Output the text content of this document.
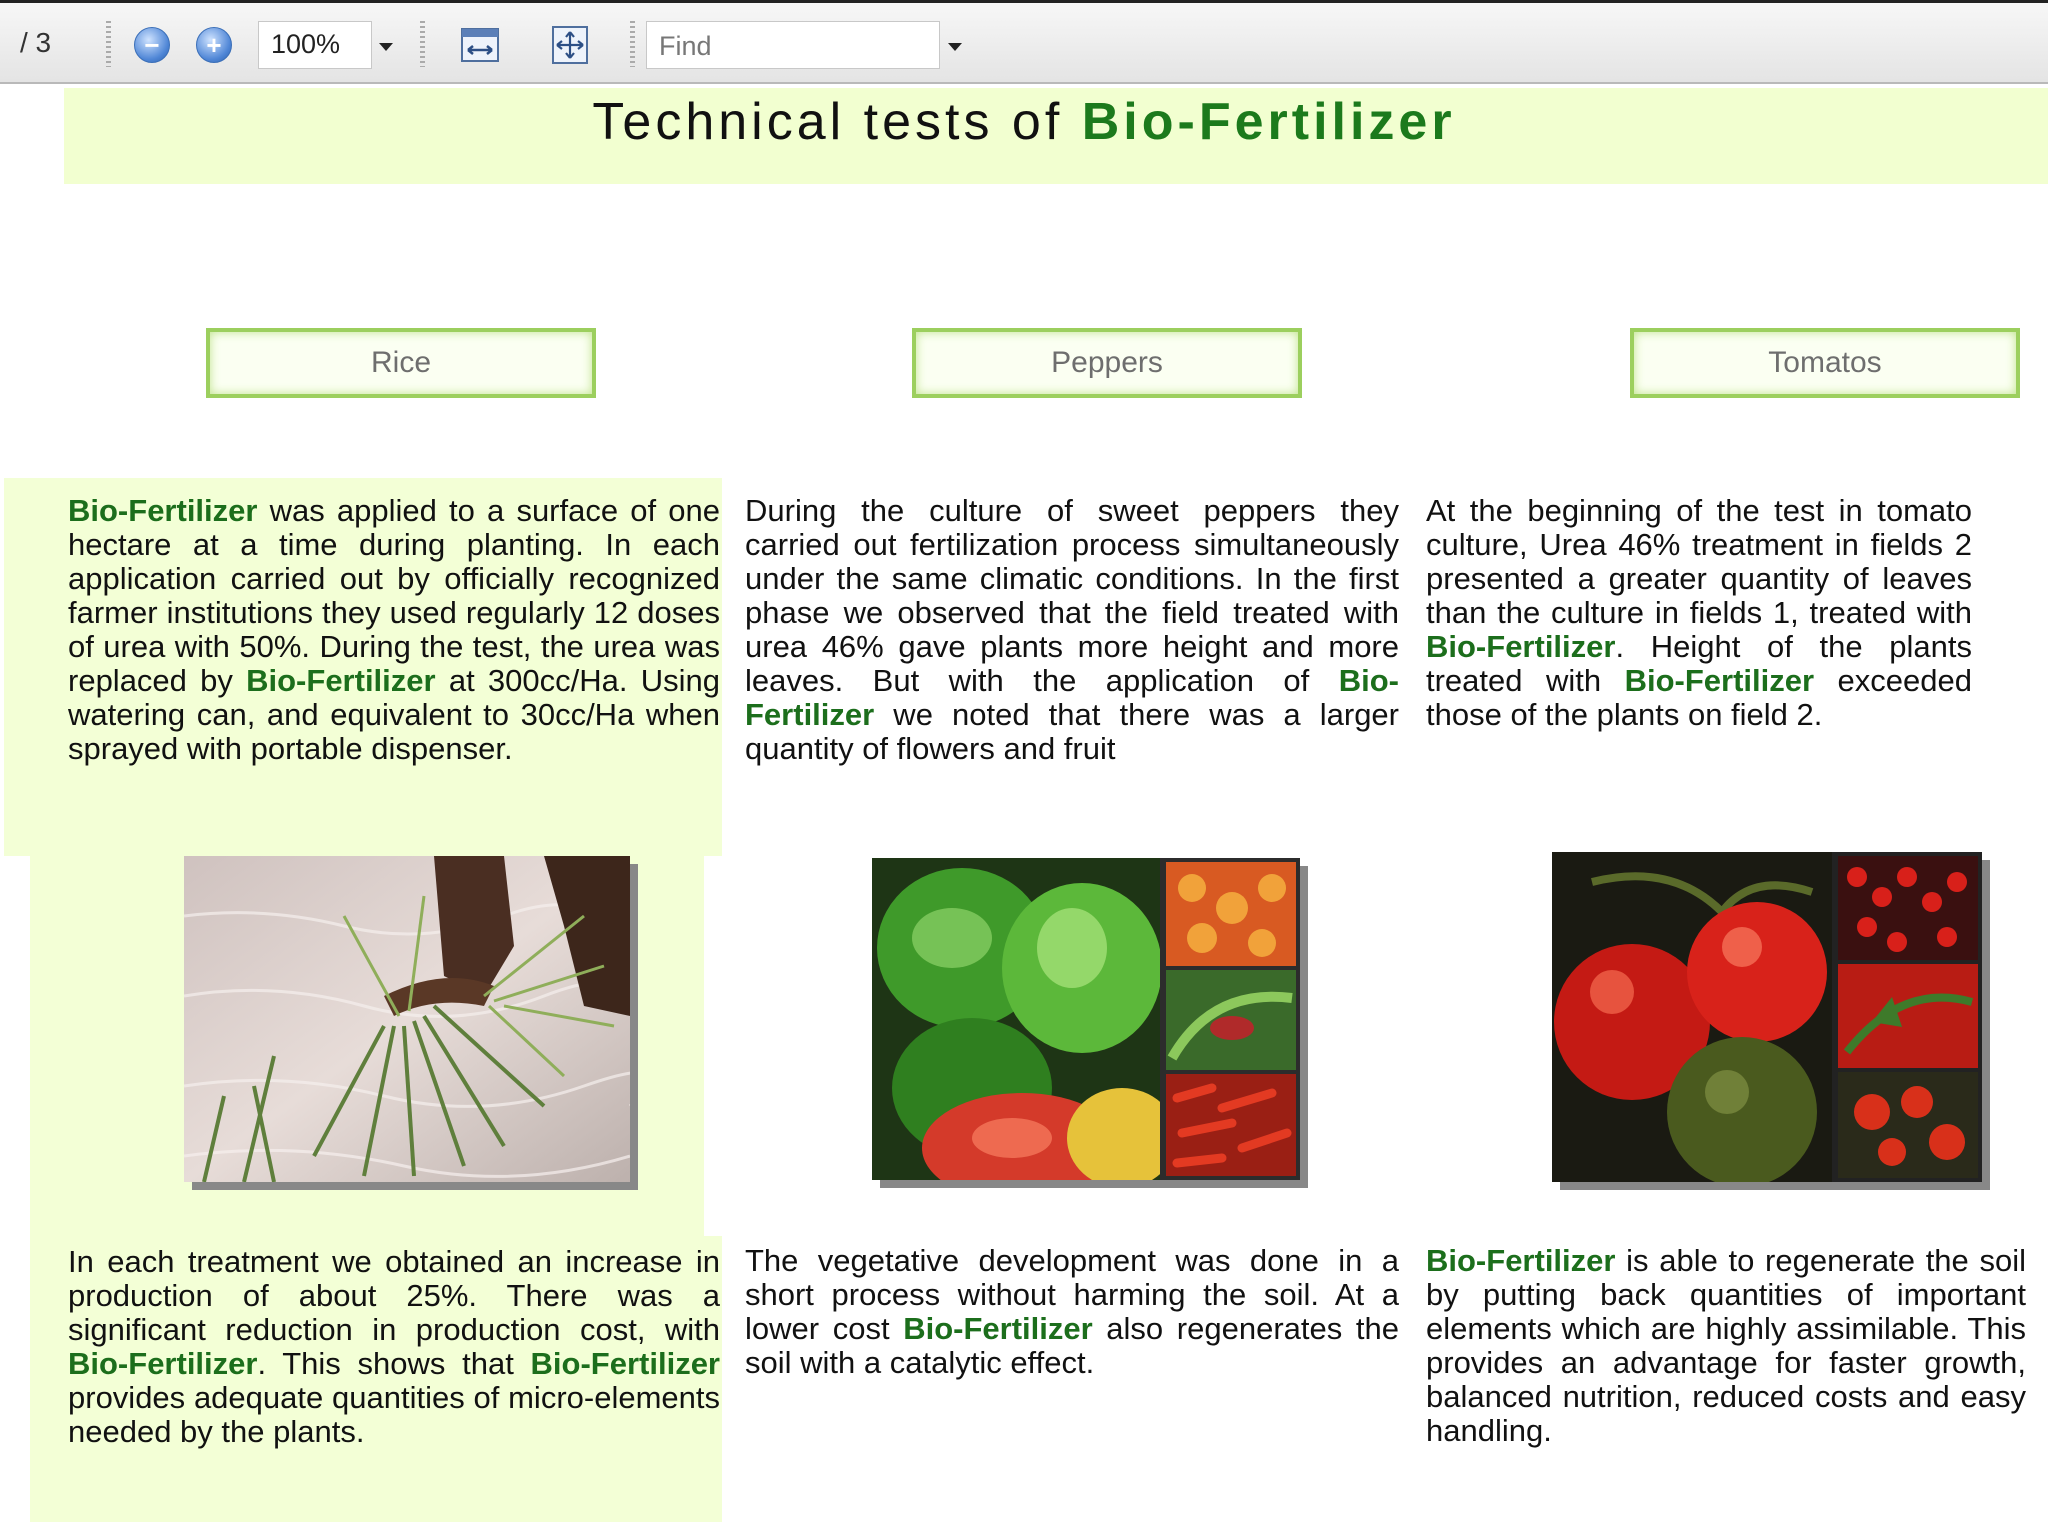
/ 3	−	+	100%
Find
Technical tests of Bio-Fertilizer
Rice	Peppers	Tomatos
Bio-Fertilizer was applied to a surface of one hectare at a time during planting. In each application carried out by officially recognized farmer institutions they used regularly 12 doses of urea with 50%. During the test, the urea was replaced by Bio-Fertilizer at 300cc/Ha. Using watering can, and equivalent to 30cc/Ha when sprayed with portable dispenser.
During the culture of sweet peppers they carried out fertilization process simultaneously under the same climatic conditions. In the first phase we observed that the field treated with urea 46% gave plants more height and more leaves. But with the application of Bio-Fertilizer we noted that there was a larger quantity of flowers and fruit
At the beginning of the test in tomato culture, Urea 46% treatment in fields 2 presented a greater quantity of leaves than the culture in fields 1, treated with Bio-Fertilizer. Height of the plants treated with Bio-Fertilizer exceeded those of the plants on field 2.
In each treatment we obtained an increase in production of about 25%. There was a significant reduction in production cost, with Bio-Fertilizer. This shows that Bio-Fertilizer provides adequate quantities of micro-elements needed by the plants.
The vegetative development was done in a short process without harming the soil. At a lower cost Bio-Fertilizer also regenerates the soil with a catalytic effect.
Bio-Fertilizer is able to regenerate the soil by putting back quantities of important elements which are highly assimilable. This provides an advantage for faster growth, balanced nutrition, reduced costs and easy handling.
